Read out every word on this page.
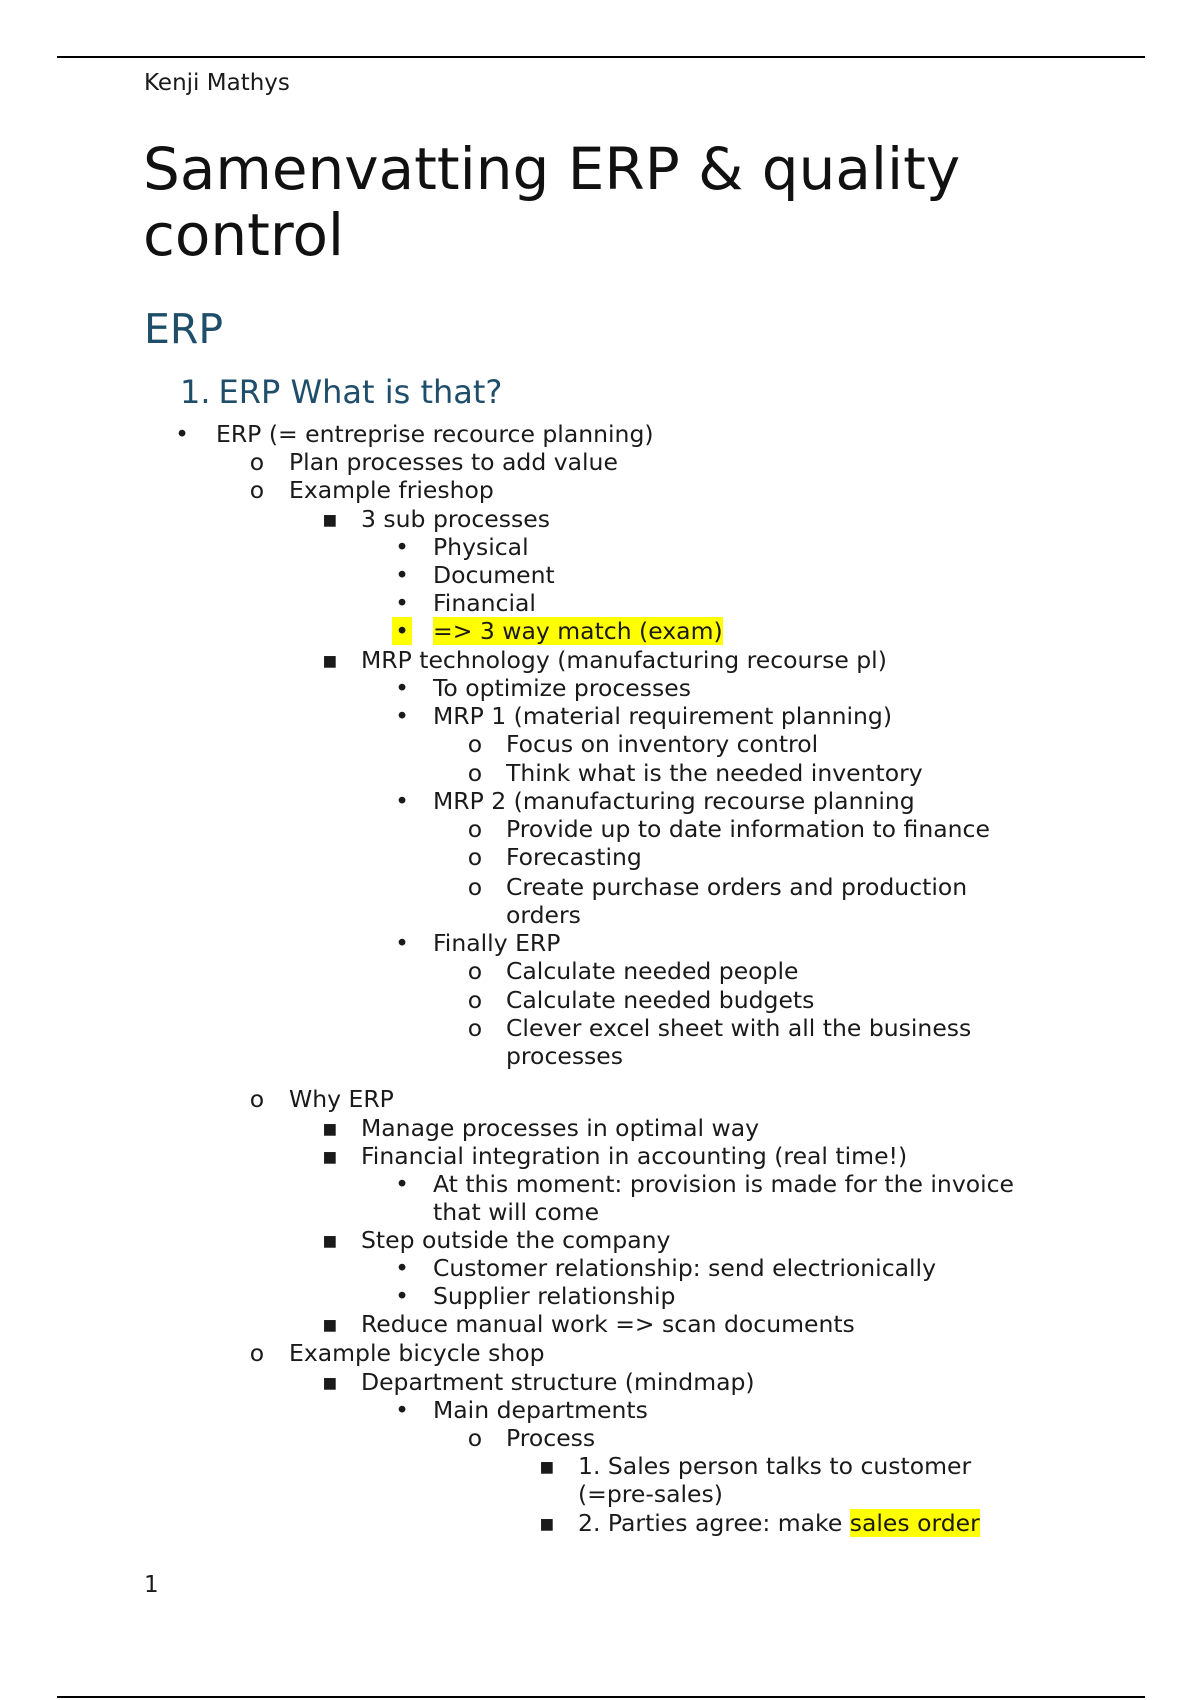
Kenji Mathys
Samenvatting ERP & quality control
ERP
1. ERP What is that?
• ERP (= entreprise recource planning)
o Plan processes to add value
o Example frieshop
▪ 3 sub processes
• Physical
• Document
• Financial
• => 3 way match (exam)
▪ MRP technology (manufacturing recourse pl)
• To optimize processes
• MRP 1 (material requirement planning)
o Focus on inventory control
o Think what is the needed inventory
• MRP 2 (manufacturing recourse planning
o Provide up to date information to finance
o Forecasting
o Create purchase orders and production orders
• Finally ERP
o Calculate needed people
o Calculate needed budgets
o Clever excel sheet with all the business processes
o Why ERP
▪ Manage processes in optimal way
▪ Financial integration in accounting (real time!)
• At this moment: provision is made for the invoice that will come
▪ Step outside the company
• Customer relationship: send electrionically
• Supplier relationship
▪ Reduce manual work => scan documents
o Example bicycle shop
▪ Department structure (mindmap)
• Main departments
o Process
▪ 1. Sales person talks to customer (=pre-sales)
▪ 2. Parties agree: make sales order
1
